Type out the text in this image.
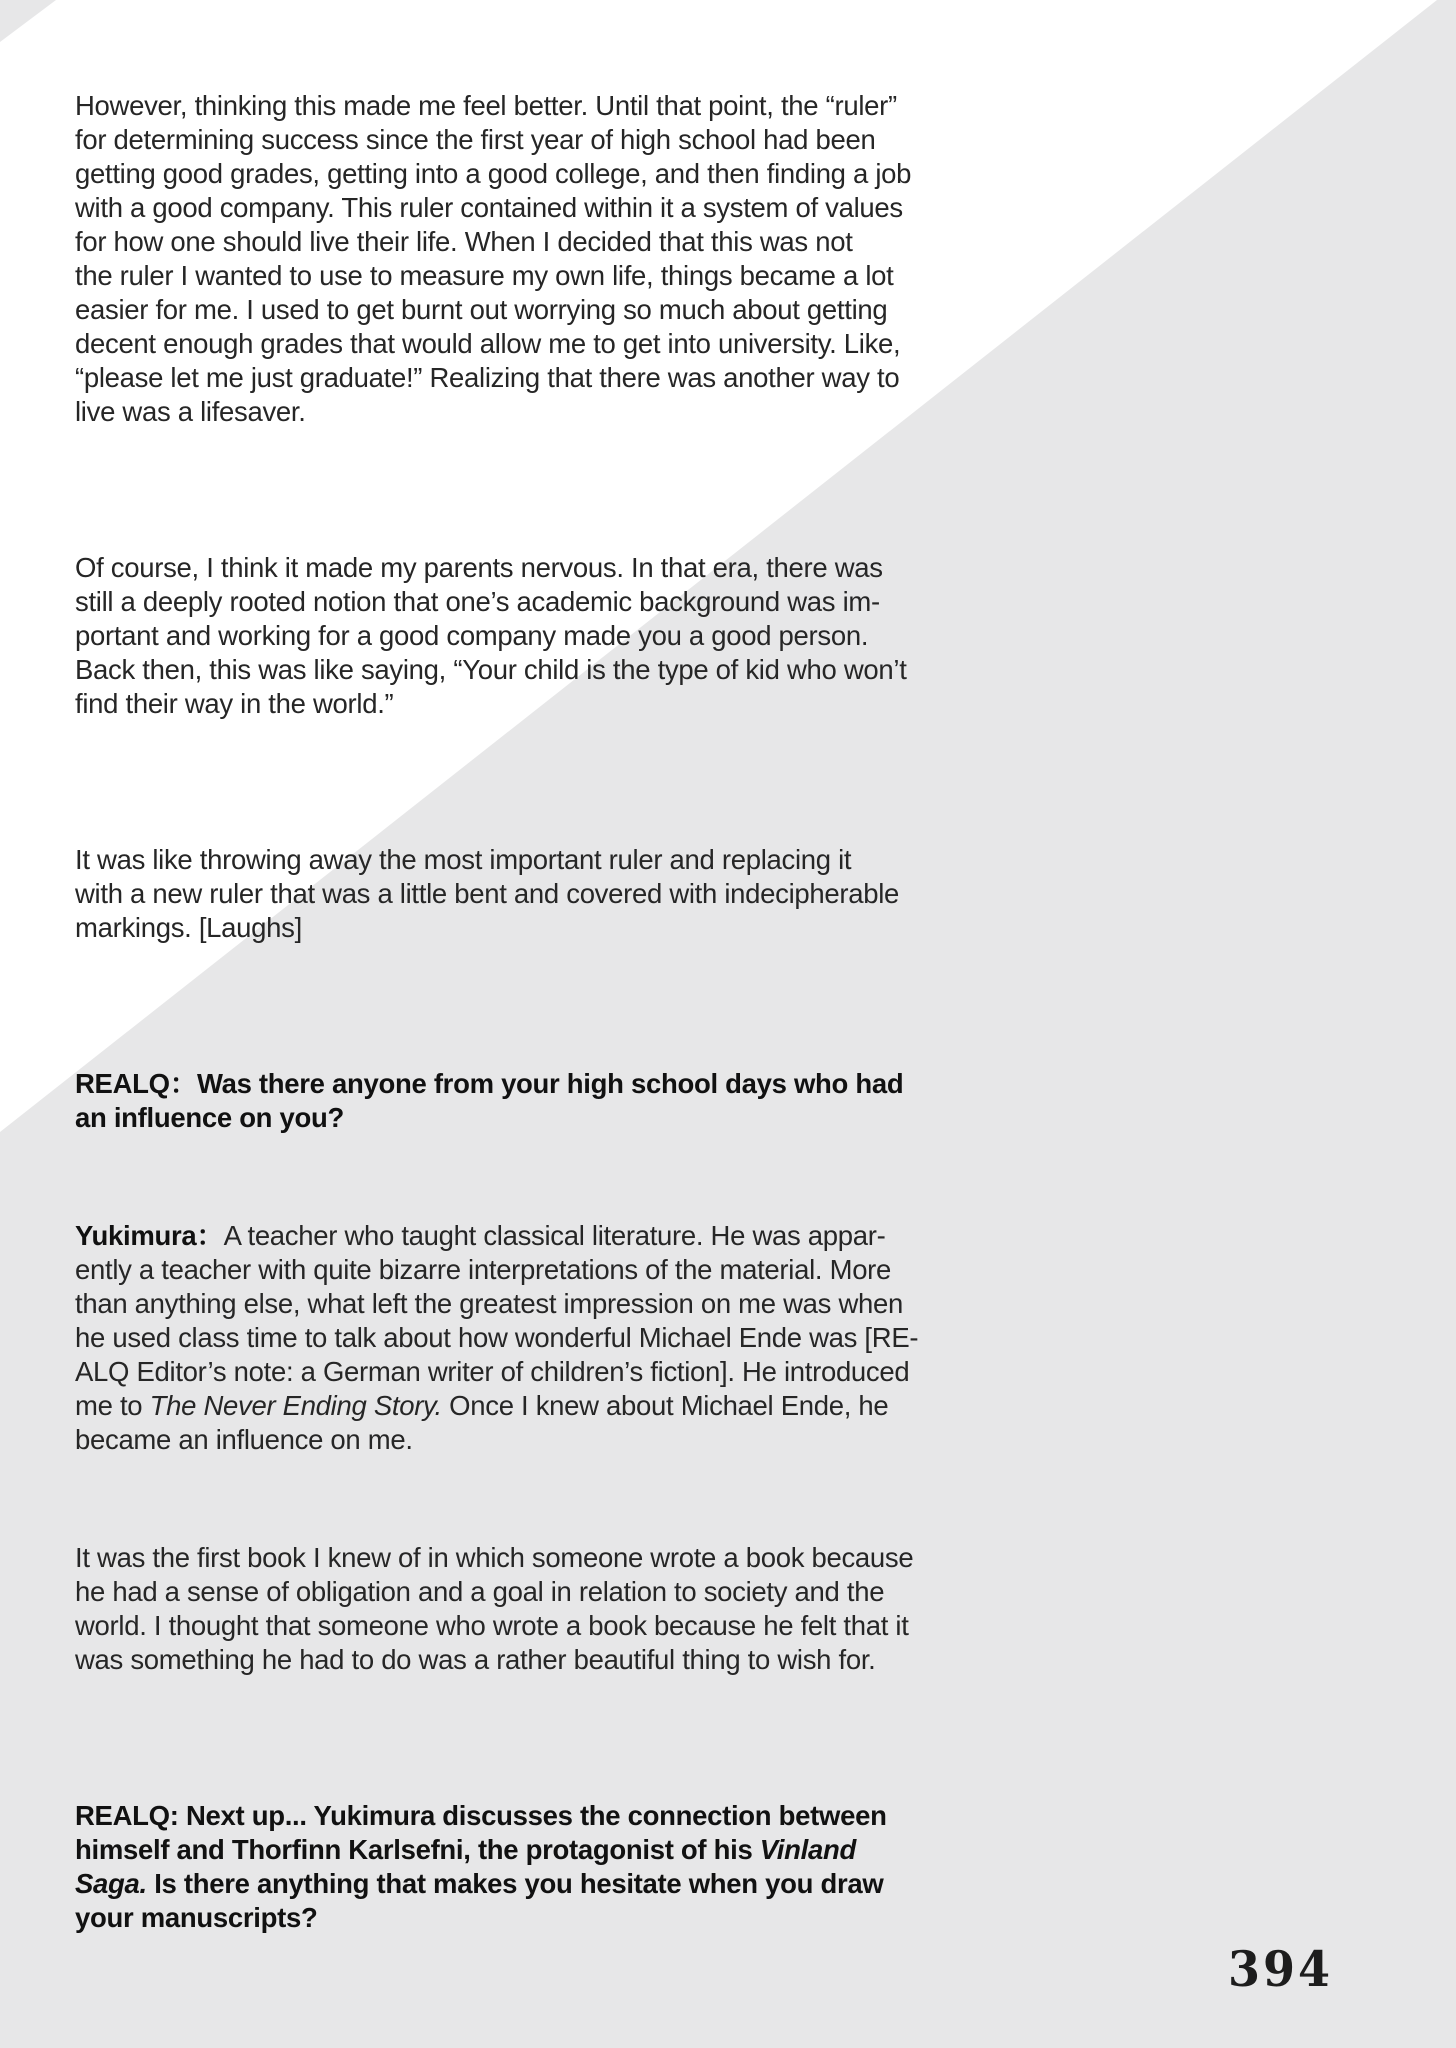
However, thinking this made me feel better. Until that point, the “ruler”
for determining success since the first year of high school had been
getting good grades, getting into a good college, and then finding a job
with a good company. This ruler contained within it a system of values
for how one should live their life. When I decided that this was not
the ruler I wanted to use to measure my own life, things became a lot
easier for me. I used to get burnt out worrying so much about getting
decent enough grades that would allow me to get into university. Like,
“please let me just graduate!” Realizing that there was another way to
live was a lifesaver.

Of course, I think it made my parents nervous. In that era, there was
still a deeply rooted notion that one’s academic background was im-
portant and working for a good company made you a good person.
Back then, this was like saying, “Your child is the type of kid who won’t
find their way in the world.”

It was like throwing away the most important ruler and replacing it
with a new ruler that was a little bent and covered with indecipherable
markings. [Laughs]

REALQ：Was there anyone from your high school days who had
an influence on you?

Yukimura：A teacher who taught classical literature. He was appar-
ently a teacher with quite bizarre interpretations of the material. More
than anything else, what left the greatest impression on me was when
he used class time to talk about how wonderful Michael Ende was [RE-
ALQ Editor’s note: a German writer of children’s fiction]. He introduced
me to The Never Ending Story. Once I knew about Michael Ende, he
became an influence on me.

It was the first book I knew of in which someone wrote a book because
he had a sense of obligation and a goal in relation to society and the
world. I thought that someone who wrote a book because he felt that it
was something he had to do was a rather beautiful thing to wish for.

REALQ: Next up... Yukimura discusses the connection between
himself and Thorfinn Karlsefni, the protagonist of his Vinland
Saga. Is there anything that makes you hesitate when you draw
your manuscripts?

394
